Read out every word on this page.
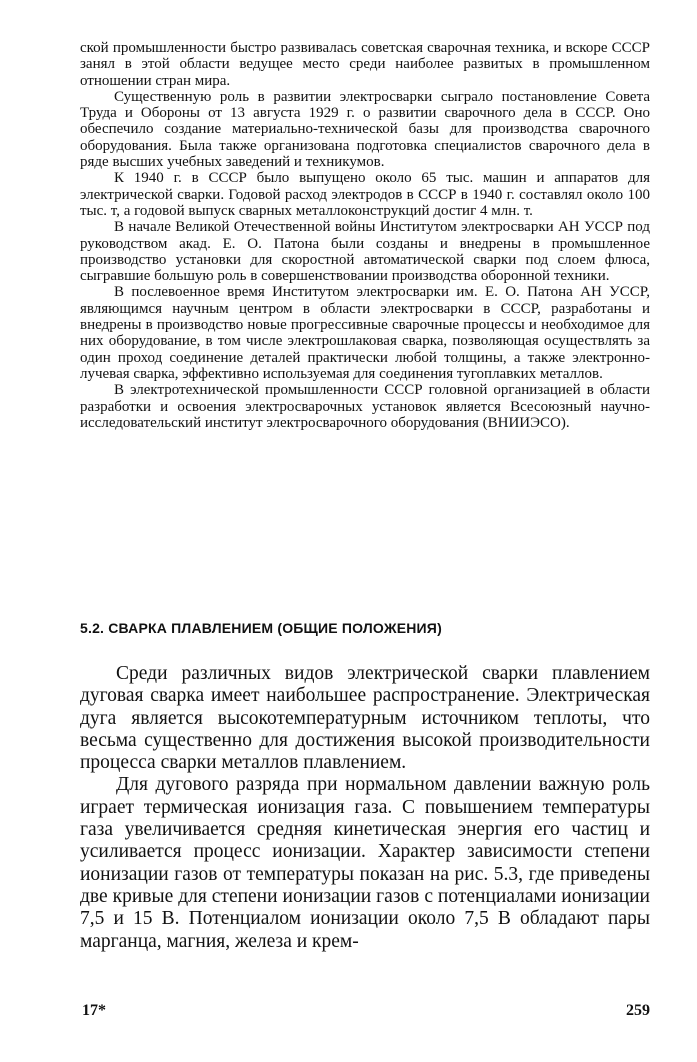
ской промышленности быстро развивалась советская сварочная техника, и вскоре СССР занял в этой области ведущее место среди наиболее развитых в промышленном отношении стран мира.

Существенную роль в развитии электросварки сыграло постановление Совета Труда и Обороны от 13 августа 1929 г. о развитии сварочного дела в СССР. Оно обеспечило создание материально-технической базы для производства сварочного оборудования. Была также организована подготовка специалистов сварочного дела в ряде высших учебных заведений и техникумов.

К 1940 г. в СССР было выпущено около 65 тыс. машин и аппаратов для электрической сварки. Годовой расход электродов в СССР в 1940 г. составлял около 100 тыс. т, а годовой выпуск сварных металлоконструкций достиг 4 млн. т.

В начале Великой Отечественной войны Институтом электросварки АН УССР под руководством акад. Е. О. Патона были созданы и внедрены в промышленное производство установки для скоростной автоматической сварки под слоем флюса, сыгравшие большую роль в совершенствовании производства оборонной техники.

В послевоенное время Институтом электросварки им. Е. О. Патона АН УССР, являющимся научным центром в области электросварки в СССР, разработаны и внедрены в производство новые прогрессивные сварочные процессы и необходимое для них оборудование, в том числе электрошлаковая сварка, позволяющая осуществлять за один проход соединение деталей практически любой толщины, а также электронно-лучевая сварка, эффективно используемая для соединения тугоплавких металлов.

В электротехнической промышленности СССР головной организацией в области разработки и освоения электросварочных установок является Всесоюзный научно-исследовательский институт электросварочного оборудования (ВНИИЭСО).

5.2. СВАРКА ПЛАВЛЕНИЕМ (ОБЩИЕ ПОЛОЖЕНИЯ)

Среди различных видов электрической сварки плавлением дуговая сварка имеет наибольшее распространение. Электрическая дуга является высокотемпературным источником теплоты, что весьма существенно для достижения высокой производительности процесса сварки металлов плавлением.

Для дугового разряда при нормальном давлении важную роль играет термическая ионизация газа. С повышением температуры газа увеличивается средняя кинетическая энергия его частиц и усиливается процесс ионизации. Характер зависимости степени ионизации газов от температуры показан на рис. 5.3, где приведены две кривые для степени ионизации газов с потенциалами ионизации 7,5 и 15 В. Потенциалом ионизации около 7,5 В обладают пары марганца, магния, железа и крем-

17*	259
